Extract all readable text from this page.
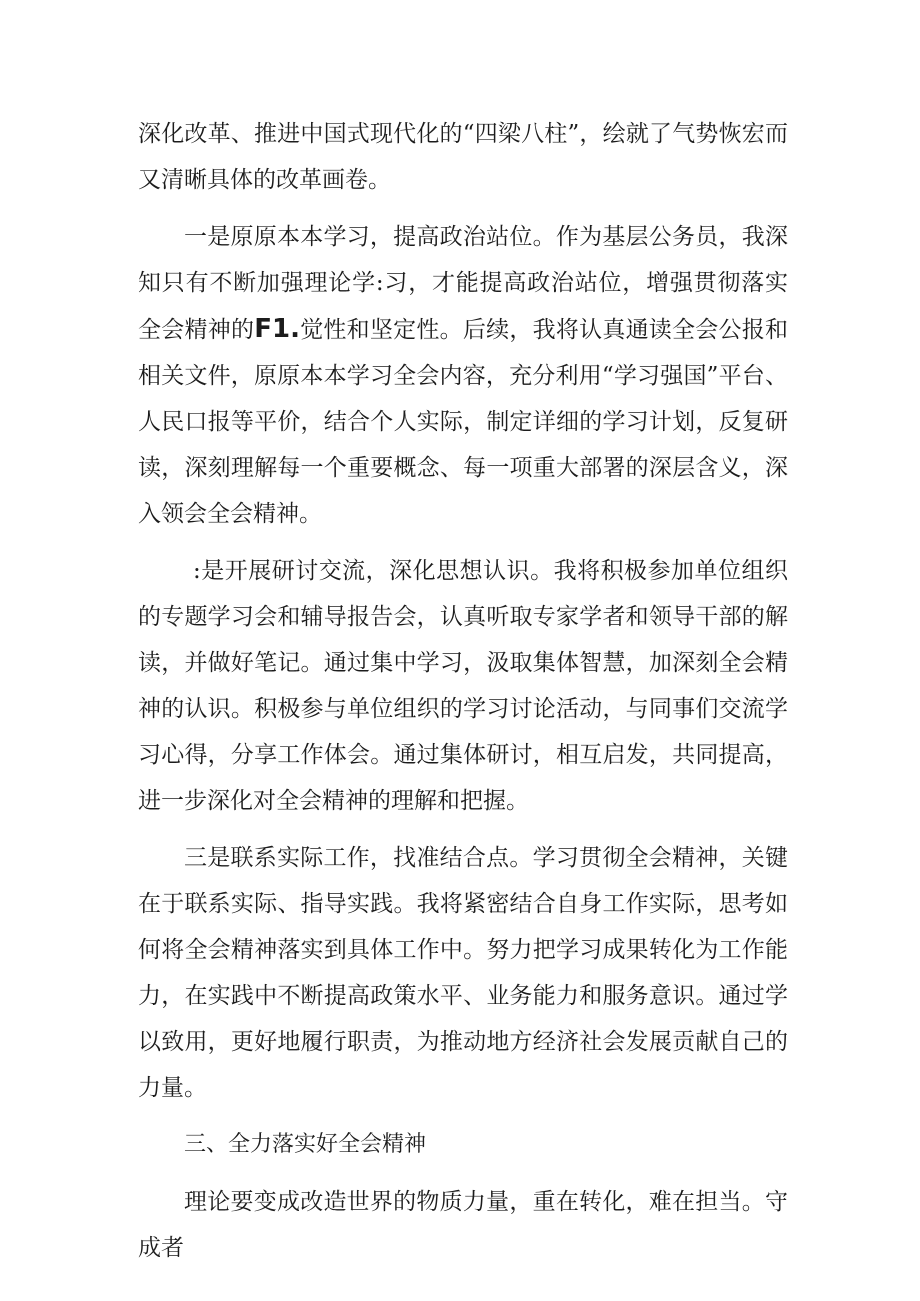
深化改革、推进中国式现代化的“四梁八柱”，绘就了气势恢宏而又清晰具体的改革画卷。

一是原原本本学习，提高政治站位。作为基层公务员，我深知只有不断加强理论学:习，才能提高政治站位，增强贯彻落实全会精神的F1.觉性和坚定性。后续，我将认真通读全会公报和相关文件，原原本本学习全会内容，充分利用“学习强国”平台、人民口报等平价，结合个人实际，制定详细的学习计划，反复研读，深刻理解每一个重要概念、每一项重大部署的深层含义，深入领会全会精神。

:是开展研讨交流，深化思想认识。我将积极参加单位组织的专题学习会和辅导报告会，认真听取专家学者和领导干部的解读，并做好笔记。通过集中学习，汲取集体智慧，加深刻全会精神的认识。积极参与单位组织的学习讨论活动，与同事们交流学习心得，分享工作体会。通过集体研讨，相互启发，共同提高，进一步深化对全会精神的理解和把握。

三是联系实际工作，找准结合点。学习贯彻全会精神，关键在于联系实际、指导实践。我将紧密结合自身工作实际，思考如何将全会精神落实到具体工作中。努力把学习成果转化为工作能力，在实践中不断提高政策水平、业务能力和服务意识。通过学以致用，更好地履行职责，为推动地方经济社会发展贡献自己的力量。

三、全力落实好全会精神

理论要变成改造世界的物质力量，重在转化，难在担当。守成者
